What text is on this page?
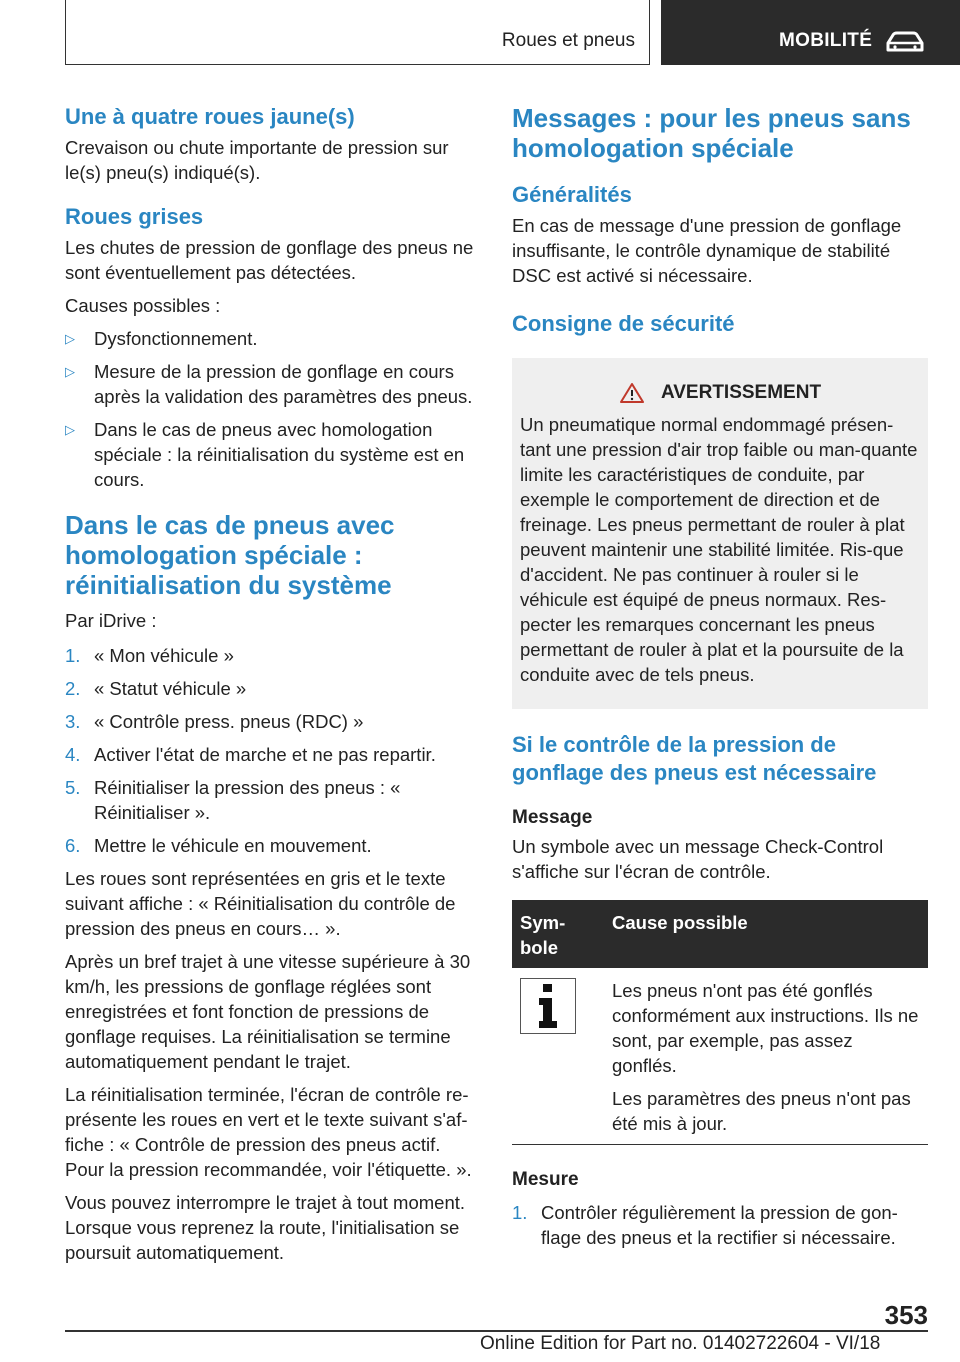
Roues et pneus	MOBILITÉ
Une à quatre roues jaune(s)
Crevaison ou chute importante de pression sur le(s) pneu(s) indiqué(s).
Roues grises
Les chutes de pression de gonflage des pneus ne sont éventuellement pas détectées.
Causes possibles :
▷ Dysfonctionnement.
▷ Mesure de la pression de gonflage en cours après la validation des paramètres des pneus.
▷ Dans le cas de pneus avec homologation spéciale : la réinitialisation du système est en cours.
Dans le cas de pneus avec homologation spéciale : réinitialisation du système
Par iDrive :
1. « Mon véhicule »
2. « Statut véhicule »
3. « Contrôle press. pneus (RDC) »
4. Activer l'état de marche et ne pas repartir.
5. Réinitialiser la pression des pneus : « Réinitialiser ».
6. Mettre le véhicule en mouvement.
Les roues sont représentées en gris et le texte suivant affiche : « Réinitialisation du contrôle de pression des pneus en cours… ».
Après un bref trajet à une vitesse supérieure à 30 km/h, les pressions de gonflage réglées sont enregistrées et font fonction de pressions de gonflage requises. La réinitialisation se termine automatiquement pendant le trajet.
La réinitialisation terminée, l'écran de contrôle re-présente les roues en vert et le texte suivant s'af-fiche : « Contrôle de pression des pneus actif. Pour la pression recommandée, voir l'étiquette. ».
Vous pouvez interrompre le trajet à tout moment. Lorsque vous reprenez la route, l'initialisation se poursuit automatiquement.
Messages : pour les pneus sans homologation spéciale
Généralités
En cas de message d'une pression de gonflage insuffisante, le contrôle dynamique de stabilité DSC est activé si nécessaire.
Consigne de sécurité
AVERTISSEMENT
Un pneumatique normal endommagé présen-tant une pression d'air trop faible ou man-quante limite les caractéristiques de conduite, par exemple le comportement de direction et de freinage. Les pneus permettant de rouler à plat peuvent maintenir une stabilité limitée. Ris-que d'accident. Ne pas continuer à rouler si le véhicule est équipé de pneus normaux. Res-pecter les remarques concernant les pneus permettant de rouler à plat et la poursuite de la conduite avec de tels pneus.
Si le contrôle de la pression de gonflage des pneus est nécessaire
Message
Un symbole avec un message Check-Control s'affiche sur l'écran de contrôle.
Sym-bole	Cause possible

Les pneus n'ont pas été gonflés conformément aux instructions. Ils ne sont, par exemple, pas assez gonflés.
Les paramètres des pneus n'ont pas été mis à jour.
Mesure
1. Contrôler régulièrement la pression de gon-flage des pneus et la rectifier si nécessaire.
353
Online Edition for Part no. 01402722604 - VI/18
